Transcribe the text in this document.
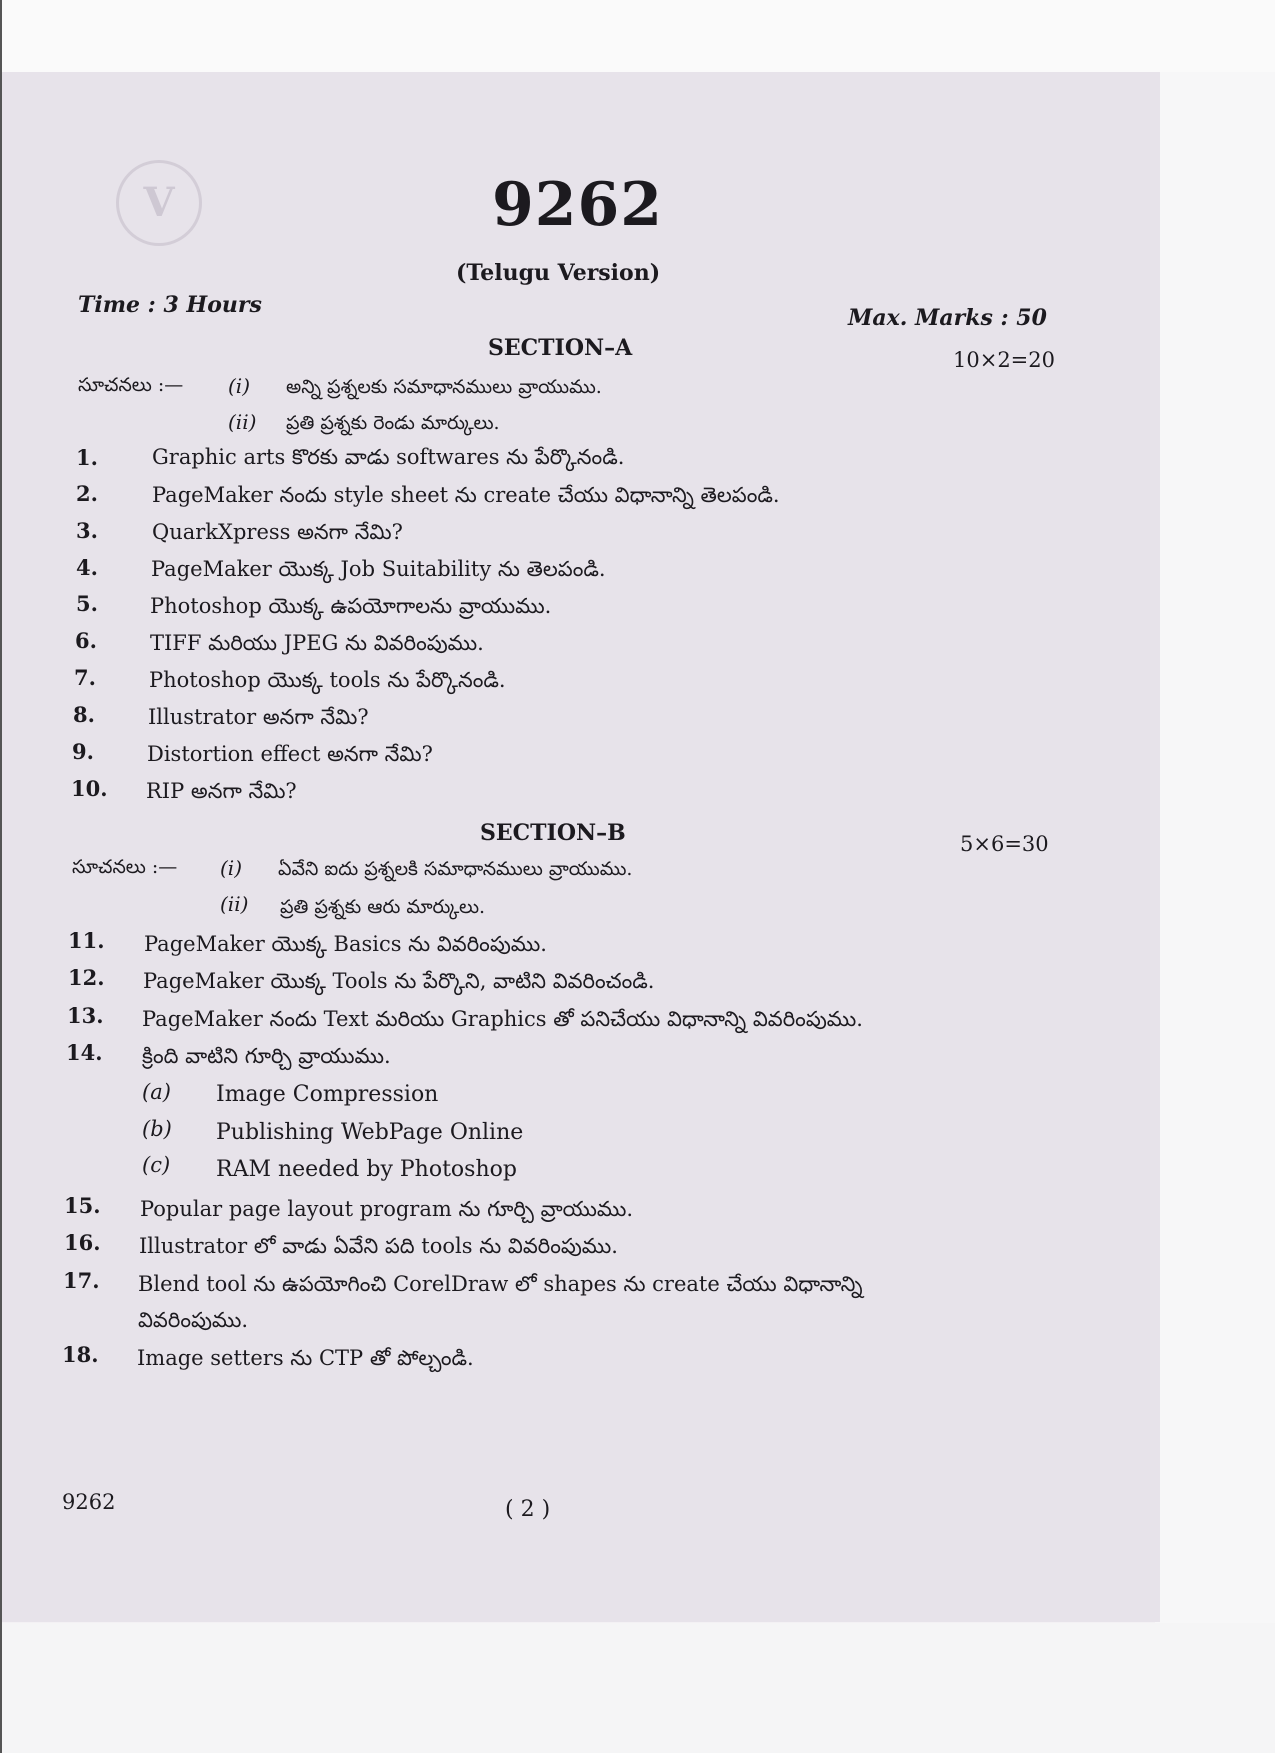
V	9262
(Telugu Version)
Time : 3 Hours	Max. Marks : 50
SECTION–A	10×2=20
సూచనలు :— (i) అన్ని ప్రశ్నలకు సమాధానములు వ్రాయుము.
(ii) ప్రతి ప్రశ్నకు రెండు మార్కులు.
1.	Graphic arts కొరకు వాడు softwares ను పేర్కొనండి.
2.	PageMaker నందు style sheet ను create చేయు విధానాన్ని తెలపండి.
3.	QuarkXpress అనగా నేమి?
4.	PageMaker యొక్క Job Suitability ను తెలపండి.
5. Photoshop యొక్క ఉపయోగాలను వ్రాయుము.
6.	TIFF మరియు JPEG ను వివరింపుము.
7.	Photoshop యొక్క tools ను పేర్కొనండి.
8.	Illustrator అనగా నేమి?
9.	Distortion effect అనగా నేమి?
10. RIP అనగా నేమి?
SECTION–B	5×6=30
సూచనలు :— (i) ఏవేని ఐదు ప్రశ్నలకి సమాధానములు వ్రాయుము.
(ii) ప్రతి ప్రశ్నకు ఆరు మార్కులు.
11. PageMaker యొక్క Basics ను వివరింపుము.
12. PageMaker యొక్క Tools ను పేర్కొని, వాటిని వివరించండి.
13. PageMaker నందు Text మరియు Graphics తో పనిచేయు విధానాన్ని వివరింపుము.
14. క్రింది వాటిని గూర్చి వ్రాయుము.
(a) Image Compression
(b) Publishing WebPage Online
(c) RAM needed by Photoshop
15. Popular page layout program ను గూర్చి వ్రాయుము.
16. Illustrator లో వాడు ఏవేని పది tools ను వివరింపుము.
17. Blend tool ను ఉపయోగించి CorelDraw లో shapes ను create చేయు విధానాన్ని
వివరింపుము.
18. Image setters ను CTP తో పోల్చండి.
9262	( 2 )
